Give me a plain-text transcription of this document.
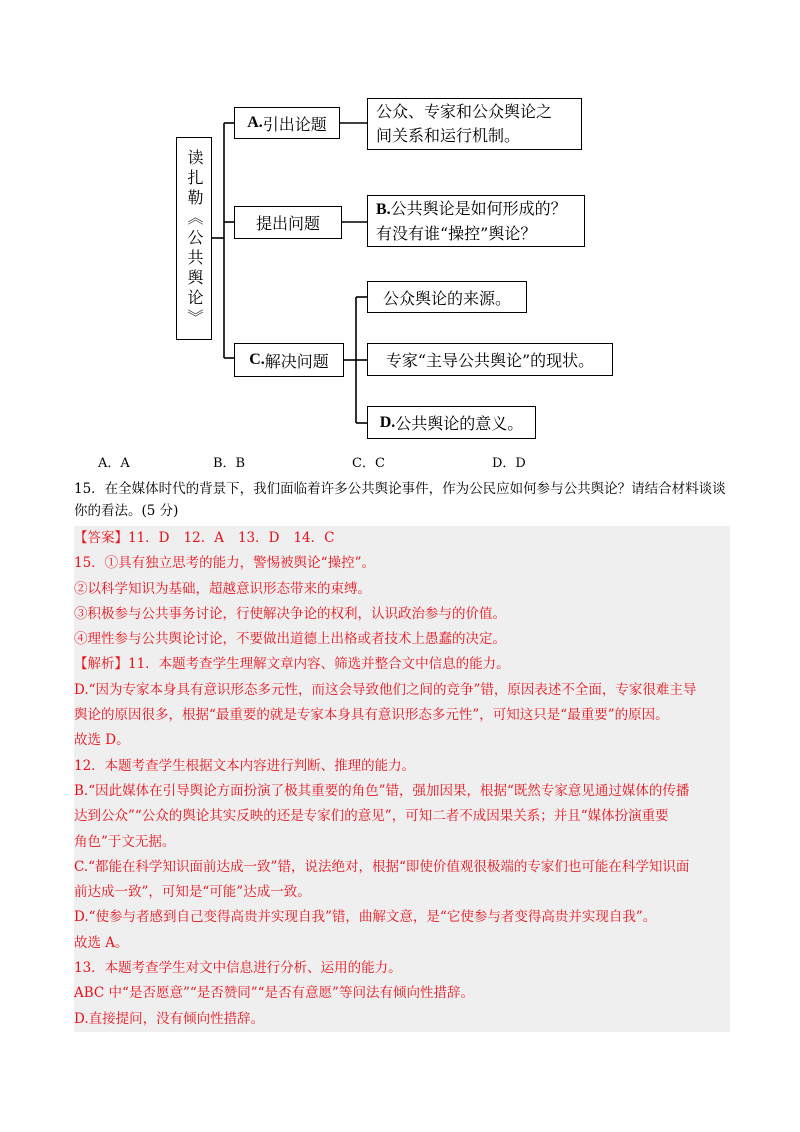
读扎勒《公共舆论》
A. 引出论题
提出问题
C. 解决问题
公众、专家和公众舆论之
间关系和运行机制。
B.公共舆论是如何形成的？
有没有谁“操控”舆论？
公众舆论的来源。
专家“主导公共舆论”的现状。
D. 公共舆论的意义。
A．A	B．B	C．C	D．D
15．在全媒体时代的背景下，我们面临着许多公共舆论事件，作为公民应如何参与公共舆论？请结合材料谈谈你的看法。(5 分)

【答案】11．D 12．A 13．D 14．C

15．①具有独立思考的能力，警惕被舆论“操控”。

②以科学知识为基础，超越意识形态带来的束缚。

③积极参与公共事务讨论，行使解决争论的权利，认识政治参与的价值。

④理性参与公共舆论讨论，不要做出道德上出格或者技术上愚蠢的决定。

【解析】11．本题考查学生理解文章内容、筛选并整合文中信息的能力。

D.“因为专家本身具有意识形态多元性，而这会导致他们之间的竞争”错，原因表述不全面，专家很难主导

舆论的原因很多，根据“最重要的就是专家本身具有意识形态多元性”，可知这只是“最重要”的原因。

故选 D。

12．本题考查学生根据文本内容进行判断、推理的能力。

B.“因此媒体在引导舆论方面扮演了极其重要的角色”错，强加因果，根据“既然专家意见通过媒体的传播

达到公众”“公众的舆论其实反映的还是专家们的意见”，可知二者不成因果关系；并且“媒体扮演重要

角色”于文无据。

C.“都能在科学知识面前达成一致”错，说法绝对，根据“即使价值观很极端的专家们也可能在科学知识面

前达成一致”，可知是“可能”达成一致。

D.“使参与者感到自己变得高贵并实现自我”错，曲解文意，是“它使参与者变得高贵并实现自我”。

故选 A。

13．本题考查学生对文中信息进行分析、运用的能力。

ABC 中“是否愿意”“是否赞同”“是否有意愿”等问法有倾向性措辞。

D.直接提问，没有倾向性措辞。
